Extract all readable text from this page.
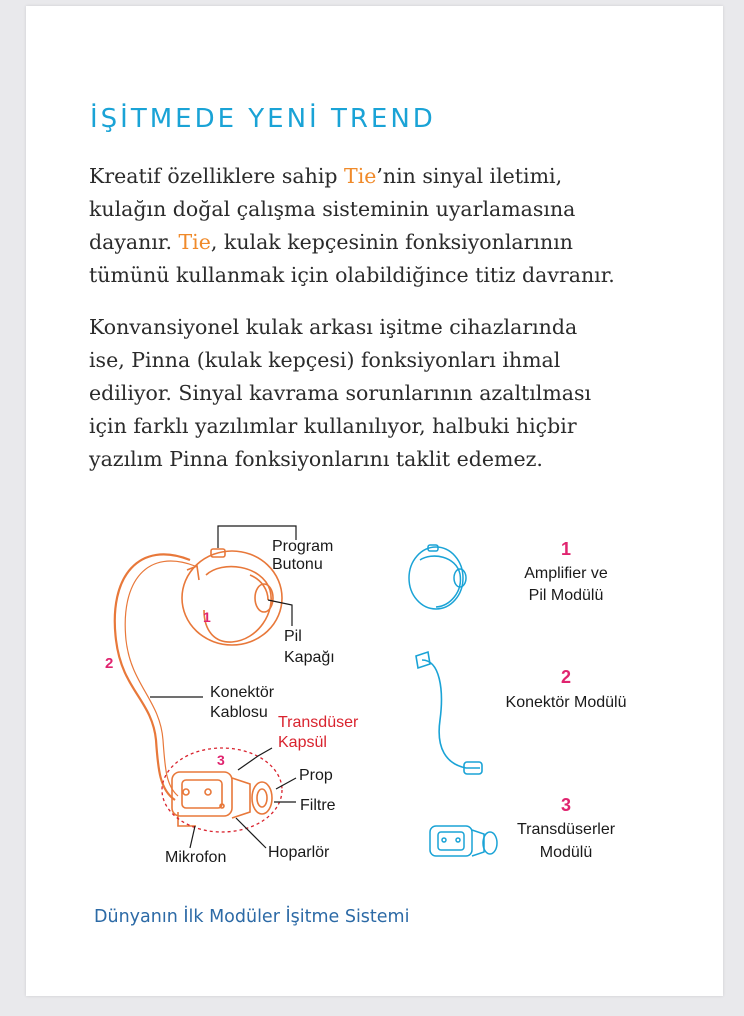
İŞİTMEDE YENİ TREND

Kreatif özelliklere sahip Tie’nin sinyal iletimi,
kulağın doğal çalışma sisteminin uyarlamasına
dayanır. Tie, kulak kepçesinin fonksiyonlarının
tümünü kullanmak için olabildiğince titiz davranır.

Konvansiyonel kulak arkası işitme cihazlarında
ise, Pinna (kulak kepçesi) fonksiyonları ihmal
ediliyor. Sinyal kavrama sorunlarının azaltılması
için farklı yazılımlar kullanılıyor, halbuki hiçbir
yazılım Pinna fonksiyonlarını taklit edemez.

Program
Butonu
Pil
Kapağı
Konektör
Kablosu
Transdüser
Kapsül
Prop
Filtre
Mikrofon	Hoparlör
1
2
3
1
Amplifier ve
Pil Modülü
2
Konektör Modülü
3
Transdüserler
Modülü

Dünyanın İlk Modüler İşitme Sistemi
